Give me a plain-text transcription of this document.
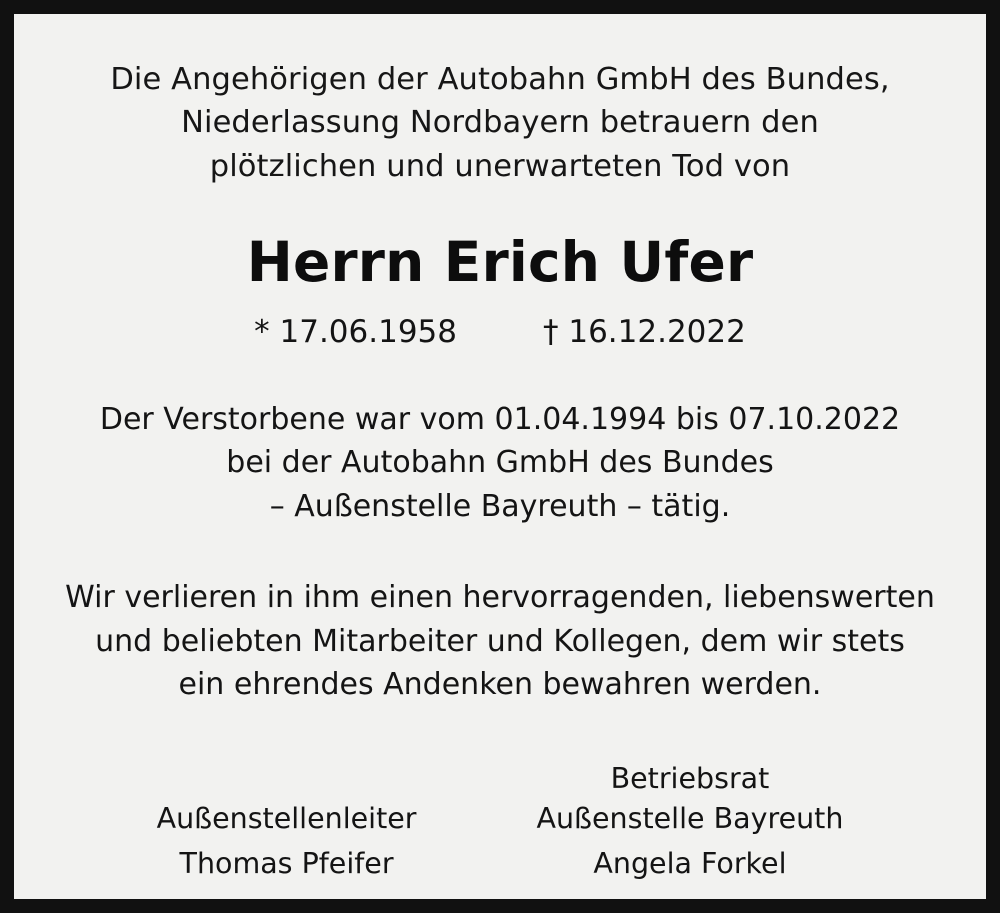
Die Angehörigen der Autobahn GmbH des Bundes,
Niederlassung Nordbayern betrauern den
plötzlichen und unerwarteten Tod von
Herrn Erich Ufer
* 17.06.1958	† 16.12.2022
Der Verstorbene war vom 01.04.1994 bis 07.10.2022
bei der Autobahn GmbH des Bundes
– Außenstelle Bayreuth – tätig.
Wir verlieren in ihm einen hervorragenden, liebenswerten
und beliebten Mitarbeiter und Kollegen, dem wir stets
ein ehrendes Andenken bewahren werden.
Außenstellenleiter
Thomas Pfeifer
Betriebsrat
Außenstelle Bayreuth
Angela Forkel
